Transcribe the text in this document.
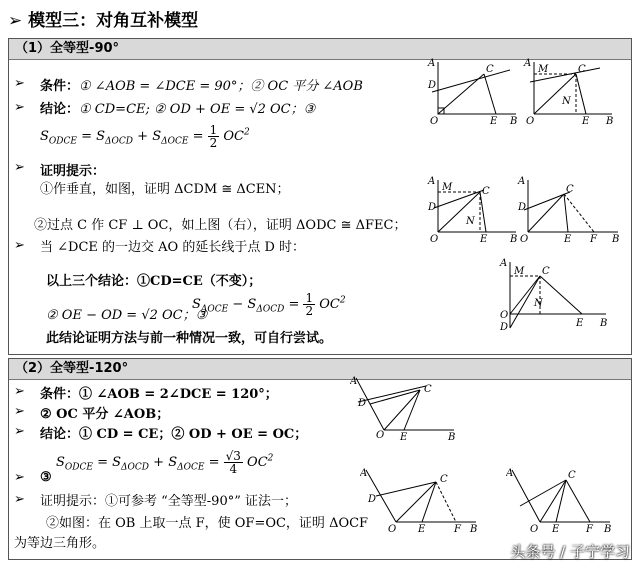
➢ 模型三：对角互补模型
（1）全等型-90°
➢ 条件：① ∠AOB = ∠DCE = 90°；② OC 平分 ∠AOB
➢ 结论：① CD=CE; ② OD + OE = √2 OC；③
$S_{ODCE} = S_{\Delta OCD} + S_{\Delta OCE} = \frac{1}{2} OC^2$
➢ 证明提示：
①作垂直，如图，证明 ΔCDM ≅ ΔCEN；
②过点 C 作 CF ⊥ OC，如上图（右），证明 ΔODC ≅ ΔFEC；
➢ 当 ∠DCE 的一边交 AO 的延长线于点 D 时：
以上三个结论：①CD=CE（不变）；
② OE − OD = √2 OC；③
$S_{\Delta OCE} - S_{\Delta OCD} = \frac{1}{2} OC^2$
此结论证明方法与前一种情况一致，可自行尝试。
（2）全等型-120°
➢ 条件：① ∠AOB = 2∠DCE = 120°；
➢ ② OC 平分 ∠AOB；
➢ 结论：① CD = CE；② OD + OE = OC；
$S_{ODCE} = S_{\Delta OCD} + S_{\Delta OCE} = \frac{√3}{4} OC^2$
➢ ③
➢ 证明提示：①可参考 “全等型-90°” 证法一；
②如图：在 OB 上取一点 F，使 OF=OC，证明 ΔOCF
为等边三角形。
A
D
C
O	E B
A
M	C
N
O	E B
A
M	C
D
N
O	E B
A
D
C
O	E F B
A
M C
N
O
D	E B
A
D
C
O E	B
A
D
C
O E	F B
A	C
O E	F B
头条号 / 子宁学习
